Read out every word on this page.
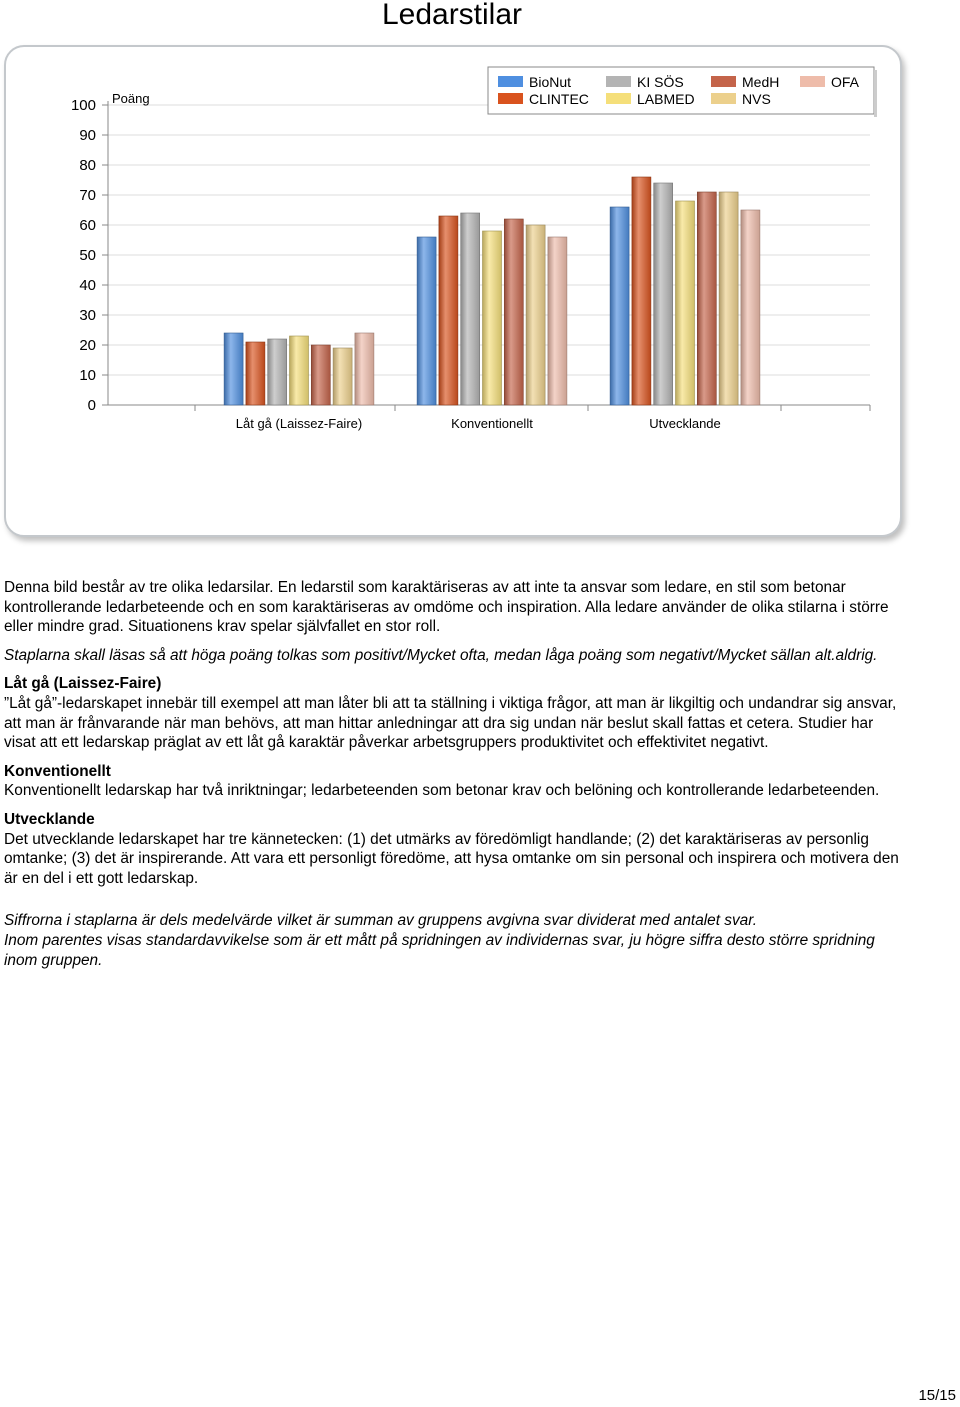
Ledarstilar
0
10
20
30
40
50
60
70
80
90
100 Poäng
Låt gå (Laissez-Faire)	Konventionellt	Utvecklande
BioNut	KI SÖS	MedH	OFA
CLINTEC	LABMED	NVS

Denna bild består av tre olika ledarsilar. En ledarstil som karaktäriseras av att inte ta ansvar som ledare, en stil som betonar kontrollerande ledarbeteende och en som karaktäriseras av omdöme och inspiration. Alla ledare använder de olika stilarna i större eller mindre grad. Situationens krav spelar självfallet en stor roll.

Staplarna skall läsas så att höga poäng tolkas som positivt/Mycket ofta, medan låga poäng som negativt/Mycket sällan alt.aldrig.

Låt gå (Laissez-Faire)

”Låt gå”-ledarskapet innebär till exempel att man låter bli att ta ställning i viktiga frågor, att man är likgiltig och undandrar sig ansvar, att man är frånvarande när man behövs, att man hittar anledningar att dra sig undan när beslut skall fattas et cetera. Studier har visat att ett ledarskap präglat av ett låt gå karaktär påverkar arbetsgruppers produktivitet och effektivitet negativt.

Konventionellt

Konventionellt ledarskap har två inriktningar; ledarbeteenden som betonar krav och belöning och kontrollerande ledarbeteenden.

Utvecklande

Det utvecklande ledarskapet har tre kännetecken: (1) det utmärks av föredömligt handlande; (2) det karaktäriseras av personlig omtanke; (3) det är inspirerande. Att vara ett personligt föredöme, att hysa omtanke om sin personal och inspirera och motivera den är en del i ett gott ledarskap.

Siffrorna i staplarna är dels medelvärde vilket är summan av gruppens avgivna svar dividerat med antalet svar.

Inom parentes visas standardavvikelse som är ett mått på spridningen av individernas svar, ju högre siffra desto större spridning inom gruppen.

15/15
